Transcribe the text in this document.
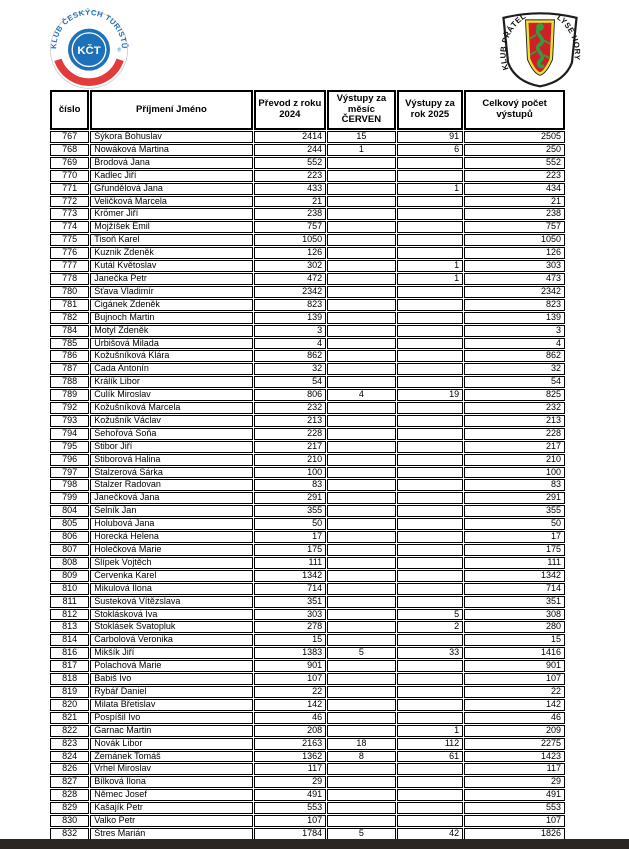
KČT
KLUB ČESKÝCH TURISTŮ
®
KLUB PŘÁTEL	LYSÉ HORY
číslo	Příjmení Jméno	Převod z roku 2024	Výstupy za měsíc ČERVEN	Výstupy za rok 2025	Celkový počet výstupů
767	Sýkora Bohuslav	2414	15	91	2505
768	Nowáková Martina	244	1	6	250
769	Brodová Jana	552			552
770	Kadlec Jiří	223			223
771	Gřundělová Jana	433		1	434
772	Veličková Marcela	21			21
773	Krömer Jiří	238			238
774	Mojžíšek Emil	757			757
775	Tisoň Karel	1050			1050
776	Kuznik Zdeněk	126			126
777	Kutál Květoslav	302		1	303
778	Janečka Petr	472		1	473
780	Sťava Vladimír	2342			2342
781	Cigánek Zdeněk	823			823
782	Bujnoch Martin	139			139
784	Motyl Zdeněk	3			3
785	Urbišová Milada	4			4
786	Kožušníková Klára	862			862
787	Čada Antonín	32			32
788	Králík Libor	54			54
789	Čulík Miroslav	806	4	19	825
792	Kožušníková Marcela	232			232
793	Kožušník Václav	213			213
794	Sehořová Soňa	228			228
795	Stibor Jiří	217			217
796	Stiborová Halina	210			210
797	Štalzerová Šárka	100			100
798	Štalzer Radovan	83			83
799	Janečková Jana	291			291
804	Selník Jan	355			355
805	Holubová Jana	50			50
806	Horecká Helena	17			17
807	Holečková Marie	175			175
808	Slípek Vojtěch	111			111
809	Červenka Karel	1342			1342
810	Mikulová Ilona	714			714
811	Susteková Vítězslava	351			351
812	Stoklásková Iva	303		5	308
813	Stoklásek Svatopluk	278		2	280
814	Carbolová Veronika	15			15
816	Mikšík Jiří	1383	5	33	1416
817	Polachová Marie	901			901
818	Babiš Ivo	107			107
819	Rybář Daniel	22			22
820	Milata Břetislav	142			142
821	Pospíšil Ivo	46			46
822	Garnac Martin	208		1	209
823	Novák Libor	2163	18	112	2275
824	Zemánek Tomáš	1362	8	61	1423
826	Vrhel Miroslav	117			117
827	Bílková Ilona	29			29
828	Němec Josef	491			491
829	Kašajík Petr	553			553
830	Valko Petr	107			107
832	Stres Marián	1784	5	42	1826
